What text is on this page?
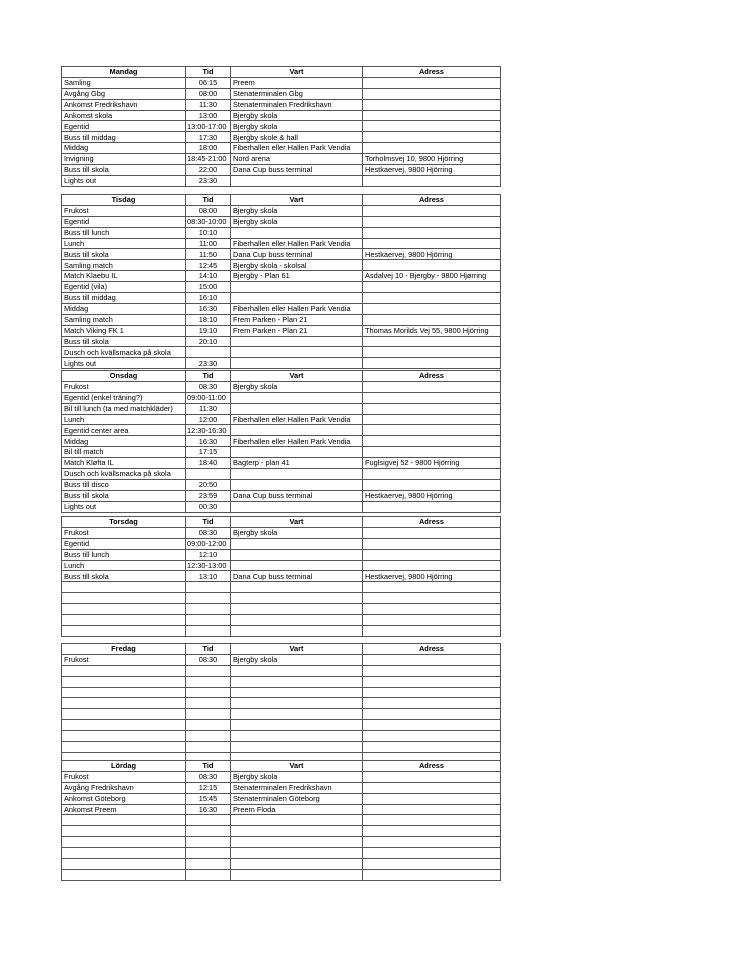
Mandag	Tid	Vart	Adress
Samling	06:15	Preem	
Avgång Gbg	08:00	Stenaterminalen Gbg	
Ankomst Fredrikshavn	11:30	Stenaterminalen Fredrikshavn	
Ankomst skola	13:00	Bjergby skola	
Egentid	13:00-17:00	Bjergby skola	
Buss till middag	17:30	Bjergby skole & hall	
Middag	18:00	Fiberhallen eller Hallen Park Vendia	
Invigning	18:45-21:00	Nord arena	Torholmsvej 10, 9800 Hjörring
Buss till skola	22:00	Dana Cup buss terminal	Hestkaervej, 9800 Hjörring
Lights out	23:30		
Tisdag	Tid	Vart	Adress
Frukost	08:00	Bjergby skola	
Egentid	08:30-10:00	Bjergby skola	
Buss till lunch	10:10		
Lunch	11:00	Fiberhallen eller Hallen Park Vendia	
Buss till skola	11:50	Dana Cup buss terminal	Hestkaervej, 9800 Hjörring
Samling match	12:45	Bjergby skola - skolsal	
Match Klaebu IL	14:10	Bjergby - Plan 61	Asdalvej 10 - Bjergby - 9800 Hjørring
Egentid (vila)	15:00		
Buss till middag	16:10		
Middag	16:30	Fiberhallen eller Hallen Park Vendia	
Samling match	18:10	Frem Parken - Plan 21	
Match Viking FK 1	19:10	Frem Parken - Plan 21	Thomas Morilds Vej 55, 9800 Hjörring
Buss till skola	20:10		
Dusch och kvällsmacka på skola			
Lights out	23:30		
Onsdag	Tid	Vart	Adress
Frukost	08:30	Bjergby skola	
Egentid (enkel träning?)	09:00-11:00		
Bil till lunch (ta med matchkläder)	11:30		
Lunch	12:00	Fiberhallen eller Hallen Park Vendia	
Egentid center area	12:30-16:30		
Middag	16:30	Fiberhallen eller Hallen Park Vendia	
Bil till match	17:15		
Match Kløfta IL	18:40	Bagterp - plan 41	Fuglsigvej 52 - 9800 Hjörring
Dusch och kvällsmacka på skola			
Buss till disco	20:50		
Buss till skola	23:59	Dana Cup buss terminal	Hestkaervej, 9800 Hjörring
Lights out	00:30		
Torsdag	Tid	Vart	Adress
Frukost	08:30	Bjergby skola	
Egentid	09:00-12:00		
Buss till lunch	12:10		
Lunch	12:30-13:00		
Buss till skola	13:10	Dana Cup buss terminal	Hestkaervej, 9800 Hjörring

Fredag	Tid	Vart	Adress
Frukost	08:30	Bjergby skola	

Lördag	Tid	Vart	Adress
Frukost	08:30	Bjergby skola	
Avgång Fredrikshavn	12:15	Stenaterminalen Fredrikshavn	
Ankomst Göteborg	15:45	Stenaterminalen Göteborg	
Ankomst Preem	16:30	Preem Floda	
